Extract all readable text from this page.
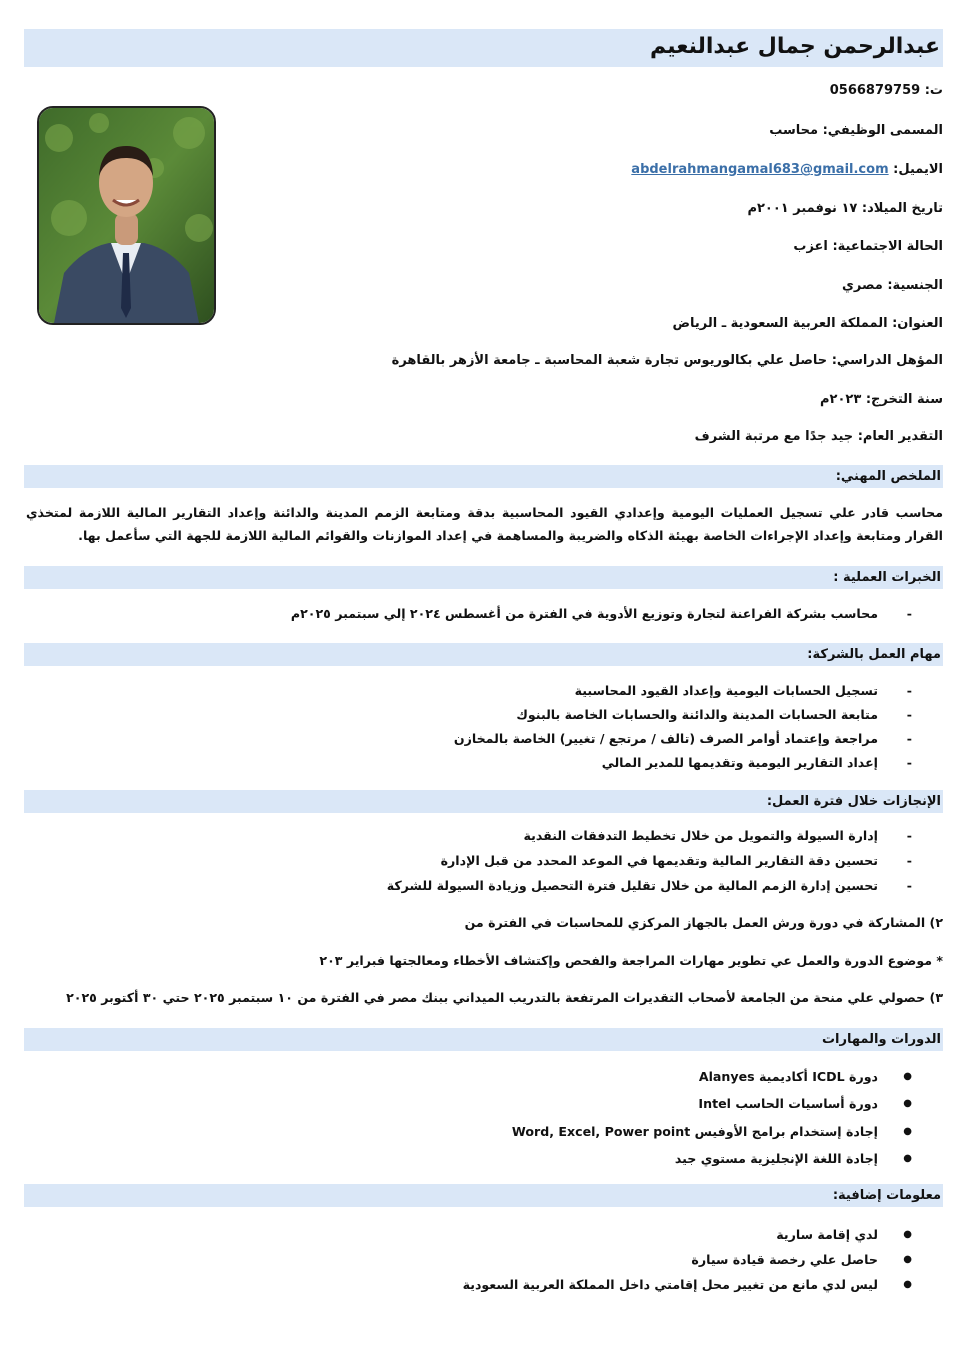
عبدالرحمن جمال عبدالنعيم
ت: 0566879759
المسمى الوظيفي: محاسب
الايميل: abdelrahmangamal683@gmail.com
تاريخ الميلاد: ١٧ نوفمبر ٢٠٠١م
الحالة الاجتماعية: اعزب
الجنسية: مصري
العنوان: المملكة العربية السعودية ـ الرياض
المؤهل الدراسي: حاصل علي بكالوريوس تجارة شعبة المحاسبة ـ جامعة الأزهر بالقاهرة
سنة التخرج: ٢٠٢٣م
التقدير العام: جيد جدًا مع مرتبة الشرف
الملخص المهني:
محاسب قادر علي تسجيل العمليات اليومية وإعدادي القيود المحاسبية بدقة ومتابعة الزمم المدينة والدائنة وإعداد التقارير المالية اللازمة لمتخذي القرار ومتابعة وإعداد الإجراءات الخاصة بهيئة الذكاه والضريبة والمساهمة في إعداد الموازنات والقوائم المالية اللازمة للجهة التي سأعمل بها.
الخبرات العملية :
-
محاسب بشركة الفراعنة لتجارة وتوزيع الأدوية في الفترة من أغسطس ٢٠٢٤ إلي سبتمبر ٢٠٢٥م
مهام العمل بالشركة:
-
تسجيل الحسابات اليومية وإعداد القيود المحاسبية
-
متابعة الحسابات المدينة والدائنة والحسابات الخاصة بالبنوك
-
مراجعة وإعتماد أوامر الصرف (تالف / مرتجع / تغيير) الخاصة بالمخازن
-
إعداد التقارير اليومية وتقديمها للمدير المالي
الإنجازات خلال فترة العمل:
-
إدارة السيولة والتمويل من خلال تخطيط التدفقات النقدية
-
تحسين دقة التقارير المالية وتقديمها في الموعد المحدد من قبل الإدارة
-
تحسين إدارة الزمم المالية من خلال تقليل فترة التحصيل وزيادة السيولة للشركة
٢) المشاركة في دورة ورش العمل بالجهاز المركزي للمحاسبات في الفترة من
* موضوع الدورة والعمل عي تطوير مهارات المراجعة والفحص وإكتشاف الأخطاء ومعالجتها فبراير ٢٠٣
٣) حصولي علي منحة من الجامعة لأصحاب التقديرات المرتفعة بالتدريب الميداني ببنك مصر في الفترة من ١٠ سبتمبر ٢٠٢٥ حتي ٣٠ أكتوبر ٢٠٢٥
الدورات والمهارات
●
دورة ICDL أكاديمية Alanyes
●
دورة أساسيات الحاسب Intel
●
إجادة إستخدام برامج الأوفيس Word, Excel, Power point
●
إجادة اللغة الإنجليزية مستوي جيد
معلومات إضافية:
●
لدي إقامة سارية
●
حاصل علي رخصة قيادة سيارة
●
ليس لدي مانع من تغيير محل إقامتي داخل المملكة العربية السعودية
